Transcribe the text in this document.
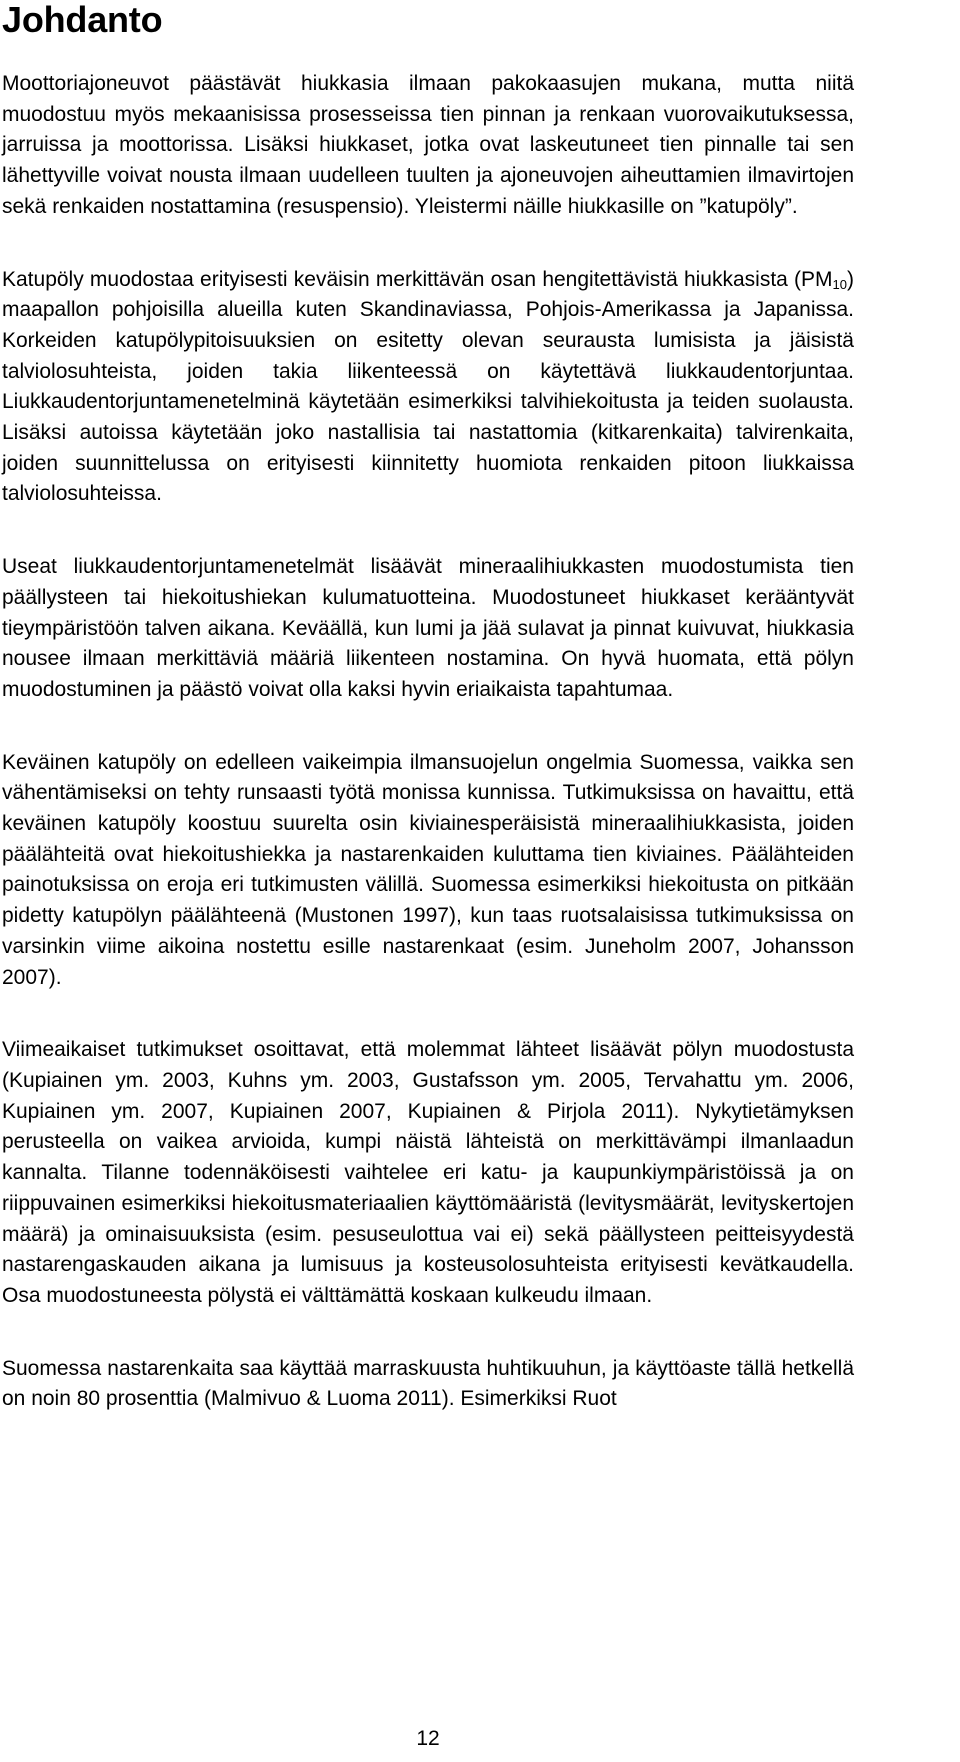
Johdanto

Moottoriajoneuvot päästävät hiukkasia ilmaan pakokaasujen mukana, mutta niitä muodostuu myös mekaanisissa prosesseissa tien pinnan ja renkaan vuorovaikutuksessa, jarruissa ja moottorissa. Lisäksi hiukkaset, jotka ovat laskeutuneet tien pinnalle tai sen lähettyville voivat nousta ilmaan uudelleen tuulten ja ajoneuvojen aiheuttamien ilmavirtojen sekä renkaiden nostattamina (resuspensio). Yleistermi näille hiukkasille on ”katupöly”.

Katupöly muodostaa erityisesti keväisin merkittävän osan hengitettävistä hiukkasista $(PM_{10})$ maapallon pohjoisilla alueilla kuten Skandinaviassa, Pohjois-Amerikassa ja Japanissa. Korkeiden katupölypitoisuuksien on esitetty olevan seurausta lumisista ja jäisistä talviolosuhteista, joiden takia liikenteessä on käytettävä liukkaudentorjuntaa. Liukkaudentorjuntamenetelminä käytetään esimerkiksi talvihiekoitusta ja teiden suolausta. Lisäksi autoissa käytetään joko nastallisia tai nastattomia (kitkarenkaita) talvirenkaita, joiden suunnittelussa on erityisesti kiinnitetty huomiota renkaiden pitoon liukkaissa talviolosuhteissa.

Useat liukkaudentorjuntamenetelmät lisäävät mineraalihiukkasten muodostumista tien päällysteen tai hiekoitushiekan kulumatuotteina. Muodostuneet hiukkaset kerääntyvät tieympäristöön talven aikana. Keväällä, kun lumi ja jää sulavat ja pinnat kuivuvat, hiukkasia nousee ilmaan merkittäviä määriä liikenteen nostamina. On hyvä huomata, että pölyn muodostuminen ja päästö voivat olla kaksi hyvin eriaikaista tapahtumaa.

Keväinen katupöly on edelleen vaikeimpia ilmansuojelun ongelmia Suomessa, vaikka sen vähentämiseksi on tehty runsaasti työtä monissa kunnissa. Tutkimuksissa on havaittu, että keväinen katupöly koostuu suurelta osin kiviainesperäisistä mineraalihiukkasista, joiden päälähteitä ovat hiekoitushiekka ja nastarenkaiden kuluttama tien kiviaines. Päälähteiden painotuksissa on eroja eri tutkimusten välillä. Suomessa esimerkiksi hiekoitusta on pitkään pidetty katupölyn päälähteenä (Mustonen 1997), kun taas ruotsalaisissa tutkimuksissa on varsinkin viime aikoina nostettu esille nastarenkaat (esim. Juneholm 2007, Johansson 2007).

Viimeaikaiset tutkimukset osoittavat, että molemmat lähteet lisäävät pölyn muodostusta (Kupiainen ym. 2003, Kuhns ym. 2003, Gustafsson ym. 2005, Tervahattu ym. 2006, Kupiainen ym. 2007, Kupiainen 2007, Kupiainen & Pirjola 2011). Nykytietämyksen perusteella on vaikea arvioida, kumpi näistä lähteistä on merkittävämpi ilmanlaadun kannalta. Tilanne todennäköisesti vaihtelee eri katu- ja kaupunkiympäristöissä ja on riippuvainen esimerkiksi hiekoitusmateriaalien käyttömääristä (levitysmäärät, levityskertojen määrä) ja ominaisuuksista (esim. pesuseulottua vai ei) sekä päällysteen peitteisyydestä nastarengaskauden aikana ja lumisuus ja kosteusolosuhteista erityisesti kevätkaudella. Osa muodostuneesta pölystä ei välttämättä koskaan kulkeudu ilmaan.

Suomessa nastarenkaita saa käyttää marraskuusta huhtikuuhun, ja käyttöaste tällä hetkellä on noin 80 prosenttia (Malmivuo & Luoma 2011). Esimerkiksi Ruot

12
